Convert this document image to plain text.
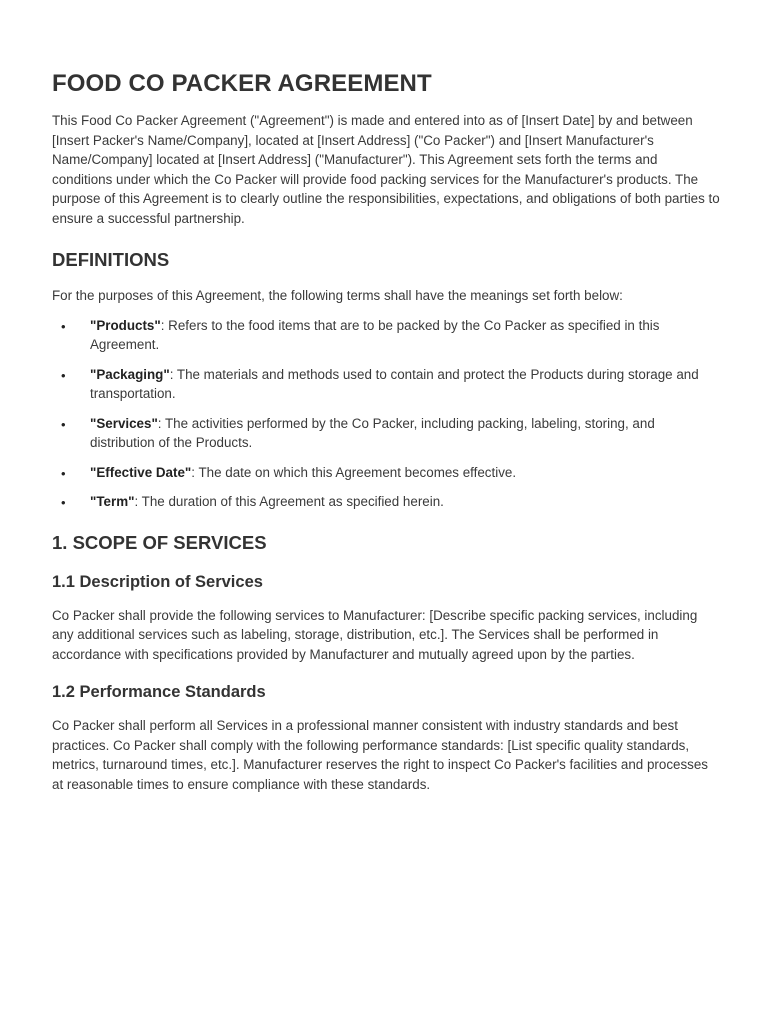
FOOD CO PACKER AGREEMENT

This Food Co Packer Agreement ("Agreement") is made and entered into as of [Insert Date] by and between [Insert Packer's Name/Company], located at [Insert Address] ("Co Packer") and [Insert Manufacturer's Name/Company] located at [Insert Address] ("Manufacturer"). This Agreement sets forth the terms and conditions under which the Co Packer will provide food packing services for the Manufacturer's products. The purpose of this Agreement is to clearly outline the responsibilities, expectations, and obligations of both parties to ensure a successful partnership.

DEFINITIONS

For the purposes of this Agreement, the following terms shall have the meanings set forth below:

• "Products": Refers to the food items that are to be packed by the Co Packer as specified in this Agreement.
• "Packaging": The materials and methods used to contain and protect the Products during storage and transportation.
• "Services": The activities performed by the Co Packer, including packing, labeling, storing, and distribution of the Products.
• "Effective Date": The date on which this Agreement becomes effective.
• "Term": The duration of this Agreement as specified herein.
1. SCOPE OF SERVICES
1.1 Description of Services

Co Packer shall provide the following services to Manufacturer: [Describe specific packing services, including any additional services such as labeling, storage, distribution, etc.]. The Services shall be performed in accordance with specifications provided by Manufacturer and mutually agreed upon by the parties.

1.2 Performance Standards

Co Packer shall perform all Services in a professional manner consistent with industry standards and best practices. Co Packer shall comply with the following performance standards: [List specific quality standards, metrics, turnaround times, etc.]. Manufacturer reserves the right to inspect Co Packer's facilities and processes at reasonable times to ensure compliance with these standards.
